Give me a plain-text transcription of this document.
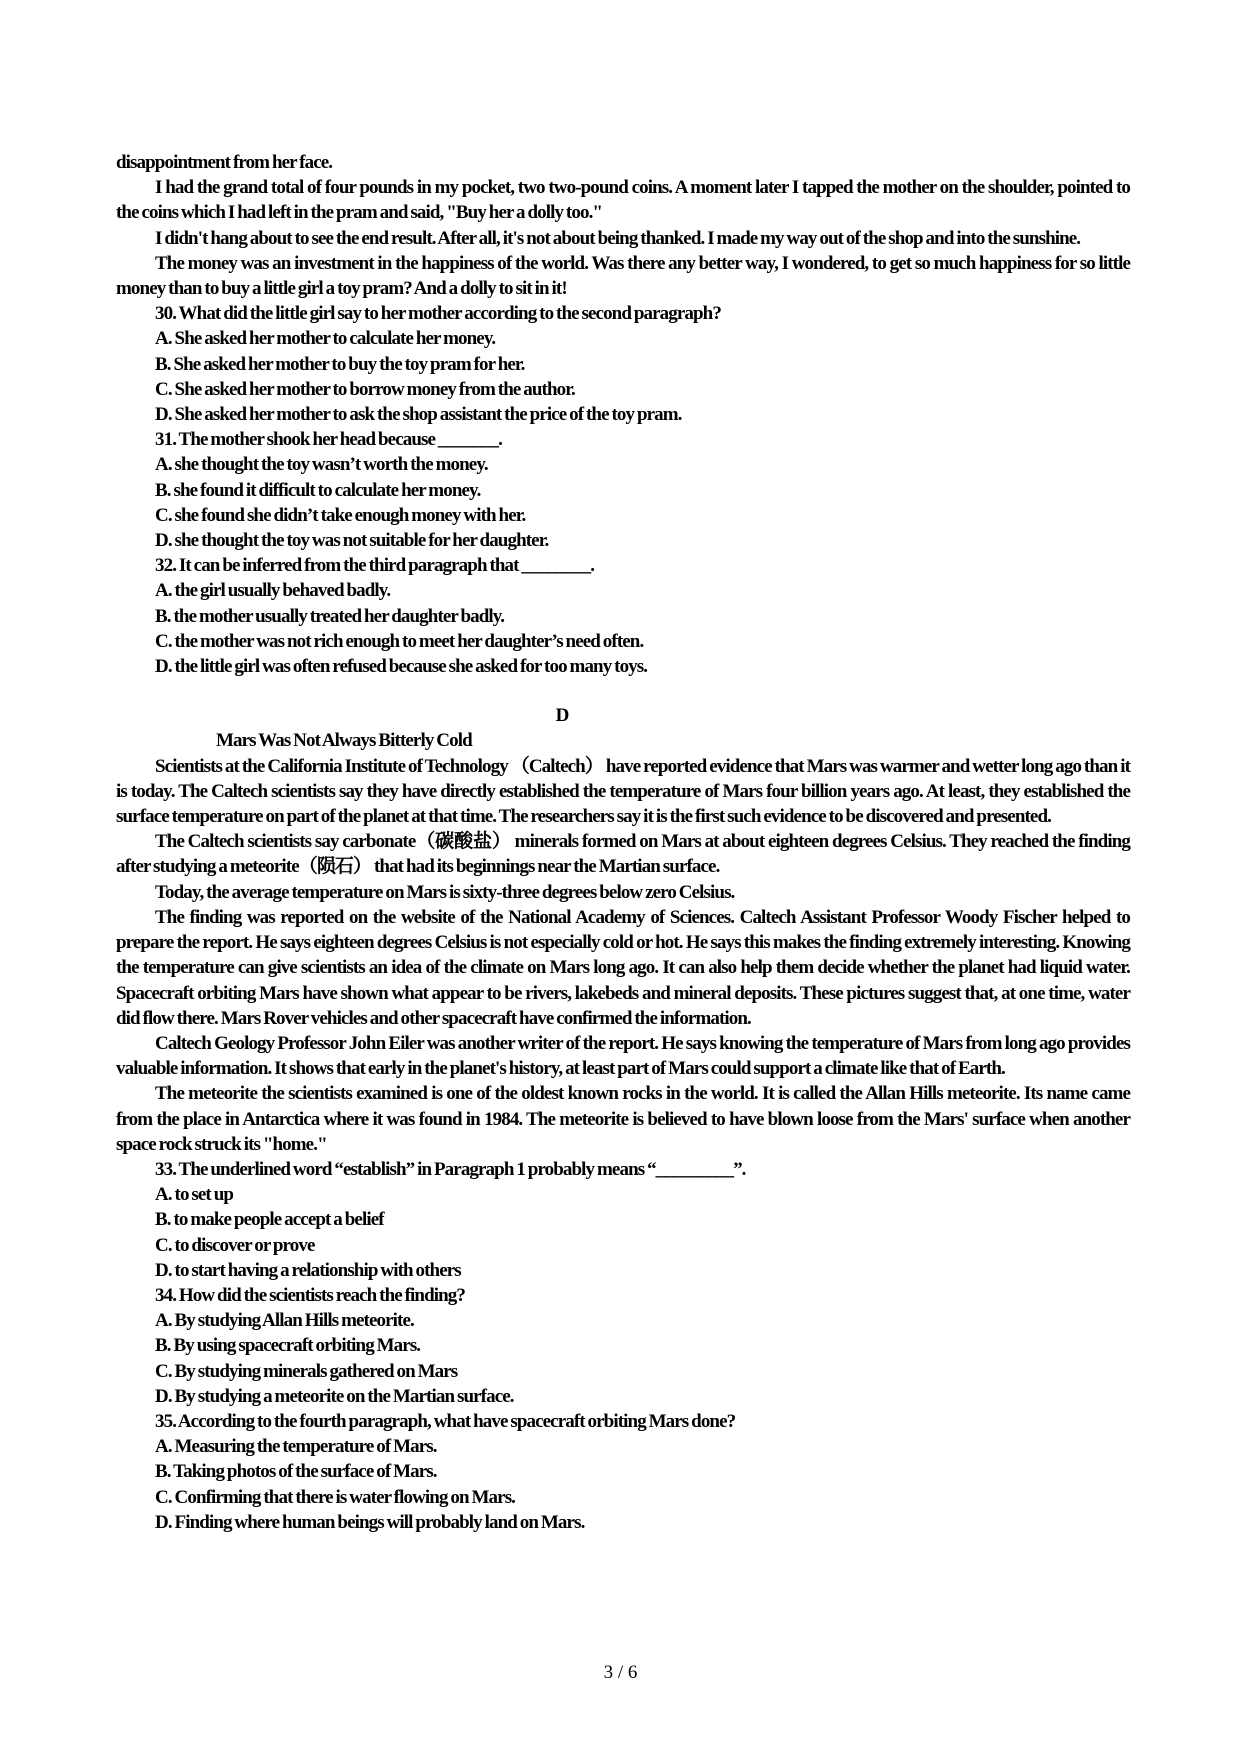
disappointment from her face.

I had the grand total of four pounds in my pocket, two two-pound coins. A moment later I tapped the mother on the shoulder, pointed to the coins which I had left in the pram and said, "Buy her a dolly too."

I didn't hang about to see the end result. After all, it's not about being thanked. I made my way out of the shop and into the sunshine.

The money was an investment in the happiness of the world. Was there any better way, I wondered, to get so much happiness for so little money than to buy a little girl a toy pram? And a dolly to sit in it!

30. What did the little girl say to her mother according to the second paragraph?

A. She asked her mother to calculate her money.

B. She asked her mother to buy the toy pram for her.

C. She asked her mother to borrow money from the author.

D. She asked her mother to ask the shop assistant the price of the toy pram.

31. The mother shook her head because _______.

A. she thought the toy wasn’t worth the money.

B. she found it difficult to calculate her money.

C. she found she didn’t take enough money with her.

D. she thought the toy was not suitable for her daughter.

32. It can be inferred from the third paragraph that ________.

A. the girl usually behaved badly.

B. the mother usually treated her daughter badly.

C. the mother was not rich enough to meet her daughter’s need often.

D. the little girl was often refused because she asked for too many toys.

D

Mars Was Not Always Bitterly Cold

Scientists at the California Institute of Technology （Caltech） have reported evidence that Mars was warmer and wetter long ago than it is today. The Caltech scientists say they have directly established the temperature of Mars four billion years ago. At least, they established the surface temperature on part of the planet at that time. The researchers say it is the first such evidence to be discovered and presented.

The Caltech scientists say carbonate（碳酸盐） minerals formed on Mars at about eighteen degrees Celsius. They reached the finding after studying a meteorite（陨石） that had its beginnings near the Martian surface.

Today, the average temperature on Mars is sixty-three degrees below zero Celsius.

The finding was reported on the website of the National Academy of Sciences. Caltech Assistant Professor Woody Fischer helped to prepare the report. He says eighteen degrees Celsius is not especially cold or hot. He says this makes the finding extremely interesting. Knowing the temperature can give scientists an idea of the climate on Mars long ago. It can also help them decide whether the planet had liquid water. Spacecraft orbiting Mars have shown what appear to be rivers, lakebeds and mineral deposits. These pictures suggest that, at one time, water did flow there. Mars Rover vehicles and other spacecraft have confirmed the information.

Caltech Geology Professor John Eiler was another writer of the report. He says knowing the temperature of Mars from long ago provides valuable information. It shows that early in the planet's history, at least part of Mars could support a climate like that of Earth.

The meteorite the scientists examined is one of the oldest known rocks in the world. It is called the Allan Hills meteorite. Its name came from the place in Antarctica where it was found in 1984. The meteorite is believed to have blown loose from the Mars' surface when another space rock struck its "home."

33. The underlined word “establish” in Paragraph 1 probably means “_________”.

A. to set up

B. to make people accept a belief

C. to discover or prove

D. to start having a relationship with others

34. How did the scientists reach the finding?

A. By studying Allan Hills meteorite.

B. By using spacecraft orbiting Mars.

C. By studying minerals gathered on Mars

D. By studying a meteorite on the Martian surface.

35. According to the fourth paragraph, what have spacecraft orbiting Mars done?

A. Measuring the temperature of Mars.

B. Taking photos of the surface of Mars.

C. Confirming that there is water flowing on Mars.

D. Finding where human beings will probably land on Mars.

3 / 6
